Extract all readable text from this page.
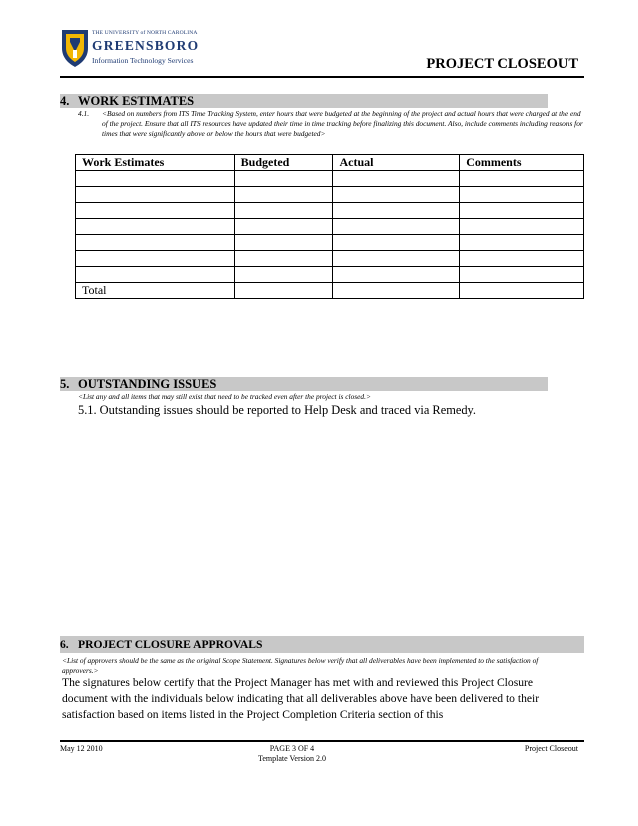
THE UNIVERSITY of NORTH CAROLINA
GREENSBORO
Information Technology Services	PROJECT CLOSEOUT
4. WORK ESTIMATES
4.1. <Based on numbers from ITS Time Tracking System, enter hours that were budgeted at the beginning of the project and actual hours that were charged at the end of the project. Ensure that all ITS resources have updated their time in time tracking before finalizing this document. Also, include comments including reasons for times that were significantly above or below the hours that were budgeted>
Work Estimates	Budgeted	Actual	Comments

Total			
5. OUTSTANDING ISSUES
<List any and all items that may still exist that need to be tracked even after the project is closed.>
5.1. Outstanding issues should be reported to Help Desk and traced via Remedy.
6. PROJECT CLOSURE APPROVALS
<List of approvers should be the same as the original Scope Statement. Signatures below verify that all deliverables have been implemented to the satisfaction of approvers.>
The signatures below certify that the Project Manager has met with and reviewed this Project Closure document with the individuals below indicating that all deliverables above have been delivered to their satisfaction based on items listed in the Project Completion Criteria section of this
May 12 2010	PAGE 3 OF 4
Template Version 2.0
Project Closeout
